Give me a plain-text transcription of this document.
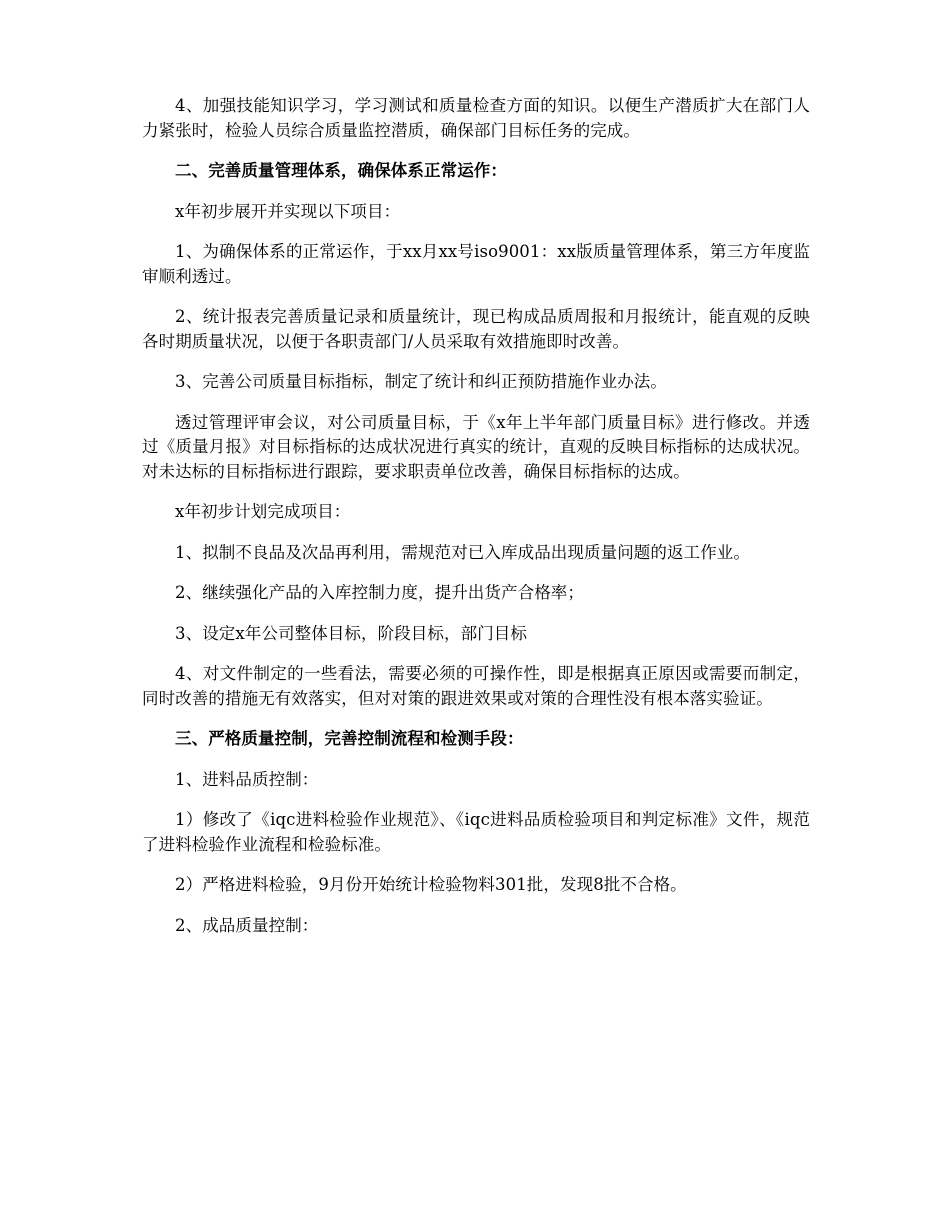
4、加强技能知识学习，学习测试和质量检查方面的知识。以便生产潜质扩大在部门人力紧张时，检验人员综合质量监控潜质，确保部门目标任务的完成。

二、完善质量管理体系，确保体系正常运作：

x年初步展开并实现以下项目：

1、为确保体系的正常运作，于xx月xx号iso9001：xx版质量管理体系，第三方年度监审顺利透过。

2、统计报表完善质量记录和质量统计，现已构成品质周报和月报统计，能直观的反映各时期质量状况，以便于各职责部门/人员采取有效措施即时改善。

3、完善公司质量目标指标，制定了统计和纠正预防措施作业办法。

透过管理评审会议，对公司质量目标，于《x年上半年部门质量目标》进行修改。并透过《质量月报》对目标指标的达成状况进行真实的统计，直观的反映目标指标的达成状况。对未达标的目标指标进行跟踪，要求职责单位改善，确保目标指标的达成。

x年初步计划完成项目：

1、拟制不良品及次品再利用，需规范对已入库成品出现质量问题的返工作业。

2、继续强化产品的入库控制力度，提升出货产合格率；

3、设定x年公司整体目标，阶段目标，部门目标

4、对文件制定的一些看法，需要必须的可操作性，即是根据真正原因或需要而制定，同时改善的措施无有效落实，但对对策的跟进效果或对策的合理性没有根本落实验证。

三、严格质量控制，完善控制流程和检测手段：

1、进料品质控制：

1）修改了《iqc进料检验作业规范》、《iqc进料品质检验项目和判定标准》文件，规范了进料检验作业流程和检验标准。

2）严格进料检验，9月份开始统计检验物料301批，发现8批不合格。

2、成品质量控制：
